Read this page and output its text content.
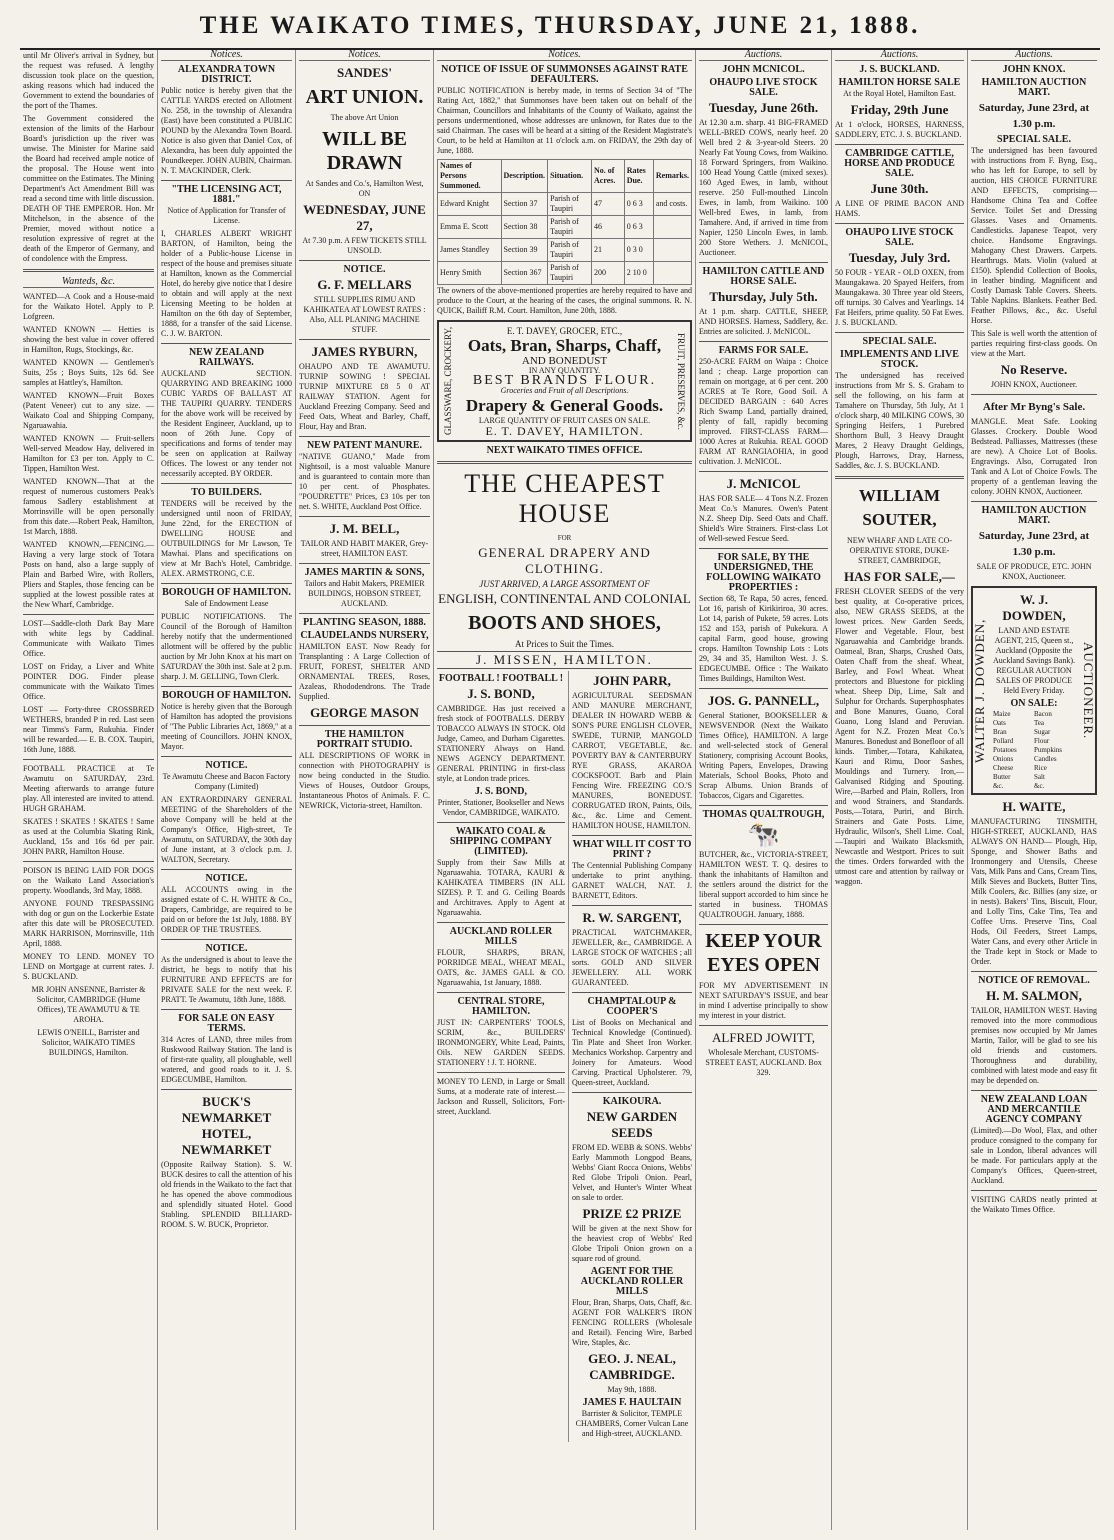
THE WAIKATO TIMES, THURSDAY, JUNE 21, 1888.

until Mr Oliver's arrival in Sydney, but the request was refused. A lengthy discussion took place on the question, asking reasons which had induced the Government to extend the boundaries of the port of the Thames.

The Government considered the extension of the limits of the Harbour Board's jurisdiction up the river was unwise. The Minister for Marine said the Board had received ample notice of the proposal. The House went into committee on the Estimates. The Mining Department's Act Amendment Bill was read a second time with little discussion. DEATH OF THE EMPEROR. Hon. Mr Mitchelson, in the absence of the Premier, moved without notice a resolution expressive of regret at the death of the Emperor of Germany, and of condolence with the Empress.

Wanteds, &c.

WANTED—A Cook and a House-maid for the Waikato Hotel. Apply to P. Lofgreen.

WANTED KNOWN — Hetties is showing the best value in cover offered in Hamilton, Rugs, Stockings, &c.

WANTED KNOWN — Gentlemen's Suits, 25s ; Boys Suits, 12s 6d. See samples at Hattley's, Hamilton.

WANTED KNOWN—Fruit Boxes (Patent Veneer) cut to any size. —Waikato Coal and Shipping Company, Ngaruawahia.

WANTED KNOWN — Fruit-sellers Well-served Meadow Hay, delivered in Hamilton for £3 per ton. Apply to C. Tippen, Hamilton West.

WANTED KNOWN—That at the request of numerous customers Peak's famous Sadlery establishment at Morrinsville will be open personally from this date.—Robert Peak, Hamilton, 1st March, 1888.

WANTED KNOWN,—FENCING.—Having a very large stock of Totara Posts on hand, also a large supply of Plain and Barbed Wire, with Rollers, Pliers and Staples, those fencing can be supplied at the lowest possible rates at the New Wharf, Cambridge.

LOST—Saddle-cloth Dark Bay Mare with white legs by Caddinal. Communicate with Waikato Times Office.

LOST on Friday, a Liver and White POINTER DOG. Finder please communicate with the Waikato Times Office.

LOST — Forty-three CROSSBRED WETHERS, branded P in red. Last seen near Timms's Farm, Rukuhia. Finder will be rewarded.— E. B. COX. Taupiri, 16th June, 1888.

FOOTBALL PRACTICE at Te Awamutu on SATURDAY, 23rd. Meeting afterwards to arrange future play. All interested are invited to attend. HUGH GRAHAM.

SKATES ! SKATES ! SKATES ! Same as used at the Columbia Skating Rink, Auckland, 15s and 16s 6d per pair. JOHN PARR, Hamilton House.

POISON IS BEING LAID FOR DOGS on the Waikato Land Association's property. Woodlands, 3rd May, 1888.

ANYONE FOUND TRESPASSING with dog or gun on the Lockerbie Estate after this date will be PROSECUTED. MARK HARRISON, Morrinsville, 11th April, 1888.

MONEY TO LEND. MONEY TO LEND on Mortgage at current rates. J. S. BUCKLAND.

MR JOHN ANSENNE, Barrister & Solicitor, CAMBRIDGE (Hume Offices), TE AWAMUTU & TE AROHA.

LEWIS O'NEILL, Barrister and Solicitor, WAIKATO TIMES BUILDINGS, Hamilton.

Notices.
ALEXANDRA TOWN DISTRICT.

Public notice is hereby given that the CATTLE YARDS erected on Allotment No. 258, in the township of Alexandra (East) have been constituted a PUBLIC POUND by the Alexandra Town Board. Notice is also given that Daniel Cox, of Alexandra, has been duly appointed the Poundkeeper. JOHN AUBIN, Chairman. N. T. MACKINDER, Clerk.

"THE LICENSING ACT, 1881."

Notice of Application for Transfer of License.

I, CHARLES ALBERT WRIGHT BARTON, of Hamilton, being the holder of a Public-house License in respect of the house and premises situate at Hamilton, known as the Commercial Hotel, do hereby give notice that I desire to obtain and will apply at the next Licensing Meeting to be holden at Hamilton on the 6th day of September, 1888, for a transfer of the said License. C. J. W. BARTON.

NEW ZEALAND RAILWAYS.

AUCKLAND SECTION. QUARRYING AND BREAKING 1000 CUBIC YARDS OF BALLAST AT THE TAUPIRI QUARRY. TENDERS for the above work will be received by the Resident Engineer, Auckland, up to noon of 26th June. Copy of specifications and forms of tender may be seen on application at Railway Offices. The lowest or any tender not necessarily accepted. BY ORDER.

TO BUILDERS.

TENDERS will be received by the undersigned until noon of FRIDAY, June 22nd, for the ERECTION of DWELLING HOUSE and OUTBUILDINGS for Mr Lawson, Te Mawhai. Plans and specifications on view at Mr Bach's Hotel, Cambridge. ALEX. ARMSTRONG, C.E.

BOROUGH OF HAMILTON.

Sale of Endowment Lease

PUBLIC NOTIFICATIONS. The Council of the Borough of Hamilton hereby notify that the undermentioned allotment will be offered by the public auction by Mr John Knox at his mart on SATURDAY the 30th inst. Sale at 2 p.m. sharp. J. M. GELLING, Town Clerk.

BOROUGH OF HAMILTON.

Notice is hereby given that the Borough of Hamilton has adopted the provisions of "The Public Libraries Act, 1869," at a meeting of Councillors. JOHN KNOX, Mayor.

NOTICE.

Te Awamutu Cheese and Bacon Factory Company (Limited)

AN EXTRAORDINARY GENERAL MEETING of the Shareholders of the above Company will be held at the Company's Office, High-street, Te Awamutu, on SATURDAY, the 30th day of June instant, at 3 o'clock p.m. J. WALTON, Secretary.

NOTICE.

ALL ACCOUNTS owing in the assigned estate of C. H. WHITE & Co., Drapers, Cambridge, are required to be paid on or before the 1st July, 1888. BY ORDER OF THE TRUSTEES.

NOTICE.

As the undersigned is about to leave the district, he begs to notify that his FURNITURE AND EFFECTS are for PRIVATE SALE for the next week. F. PRATT. Te Awamutu, 18th June, 1888.

FOR SALE ON EASY TERMS.

314 Acres of LAND, three miles from Ruskwood Railway Station. The land is of first-rate quality, all ploughable, well watered, and good roads to it. J. S. EDGECUMBE, Hamilton.

BUCK'S NEWMARKET HOTEL, NEWMARKET

(Opposite Railway Station). S. W. BUCK desires to call the attention of his old friends in the Waikato to the fact that he has opened the above commodious and splendidly situated Hotel. Good Stabling. SPLENDID BILLIARD-ROOM. S. W. BUCK, Proprietor.

Notices.
SANDES'
ART UNION.

The above Art Union

WILL BE DRAWN

At Sandes and Co.'s, Hamilton West, ON

WEDNESDAY, JUNE 27,

At 7.30 p.m. A FEW TICKETS STILL UNSOLD.

NOTICE.
G. F. MELLARS

STILL SUPPLIES RIMU AND KAHIKATEA AT LOWEST RATES : Also, ALL PLANING MACHINE STUFF.

JAMES RYBURN,

OHAUPO AND TE AWAMUTU. TURNIP SOWING ! SPECIAL TURNIP MIXTURE £8 5 0 AT RAILWAY STATION. Agent for Auckland Freezing Company. Seed and Feed Oats, Wheat and Barley, Chaff, Flour, Hay and Bran.

NEW PATENT MANURE.

"NATIVE GUANO," Made from Nightsoil, is a most valuable Manure and is guaranteed to contain more than 10 per cent. of Phosphates. "POUDRETTE" Prices, £3 10s per ton net. S. WHITE, Auckland Post Office.

J. M. BELL,

TAILOR AND HABIT MAKER, Grey-street, HAMILTON EAST.

JAMES MARTIN & SONS,

Tailors and Habit Makers, PREMIER BUILDINGS, HOBSON STREET, AUCKLAND.

PLANTING SEASON, 1888.
CLAUDELANDS NURSERY,

HAMILTON EAST. Now Ready for Transplanting : A Large Collection of FRUIT, FOREST, SHELTER AND ORNAMENTAL TREES, Roses, Azaleas, Rhododendrons. The Trade Supplied.

GEORGE MASON
THE HAMILTON PORTRAIT STUDIO.

ALL DESCRIPTIONS OF WORK in connection with PHOTOGRAPHY is now being conducted in the Studio. Views of Houses, Outdoor Groups, Instantaneous Photos of Animals. F. C. NEWRICK, Victoria-street, Hamilton.

Notices.
NOTICE OF ISSUE OF SUMMONSES AGAINST RATE DEFAULTERS.

PUBLIC NOTIFICATION is hereby made, in terms of Section 34 of "The Rating Act, 1882," that Summonses have been taken out on behalf of the Chairman, Councillors and Inhabitants of the County of Waikato, against the persons undermentioned, whose addresses are unknown, for Rates due to the said Chairman. The cases will be heard at a sitting of the Resident Magistrate's Court, to be held at Hamilton at 11 o'clock a.m. on FRIDAY, the 29th day of June, 1888.

Names of Persons Summoned.	Description.	Situation.	No. of Acres.	Rates Due.	Remarks.
Edward Knight	Section 37	Parish of Taupiri	47	0 6 3	and costs.
Emma E. Scott	Section 38	Parish of Taupiri	46	0 6 3	
James Standley	Section 39	Parish of Taupiri	21	0 3 0	
Henry Smith	Section 367	Parish of Taupiri	200	2 10 0	

The owners of the above-mentioned properties are hereby required to have and produce to the Court, at the hearing of the cases, the original summons. R. N. QUICK, Bailiff R.M. Court. Hamilton, June 20th, 1888.

GLASSWARE, CROCKERY,	E. T. DAVEY, GROCER, ETC.,
Oats, Bran, Sharps, Chaff,
AND BONEDUST
IN ANY QUANTITY.
BEST BRANDS FLOUR.
Groceries and Fruit of all Descriptions.
Drapery & General Goods.
LARGE QUANTITY OF FRUIT CASES ON SALE.
E. T. DAVEY, HAMILTON.
FRUIT, PRESERVES, &c.
NEXT WAIKATO TIMES OFFICE.
THE CHEAPEST HOUSE
FOR
GENERAL DRAPERY AND CLOTHING.
JUST ARRIVED, A LARGE ASSORTMENT OF
ENGLISH, CONTINENTAL AND COLONIAL
BOOTS AND SHOES,
At Prices to Suit the Times.
J. MISSEN, HAMILTON.
FOOTBALL ! FOOTBALL !
J. S. BOND,

CAMBRIDGE. Has just received a fresh stock of FOOTBALLS. DERBY TOBACCO ALWAYS IN STOCK. Old Judge, Cameo, and Durham Cigarettes. STATIONERY Always on Hand. NEWS AGENCY DEPARTMENT. GENERAL PRINTING in first-class style, at London trade prices.

J. S. BOND,

Printer, Stationer, Bookseller and News Vendor, CAMBRIDGE, WAIKATO.

WAIKATO COAL & SHIPPING COMPANY (LIMITED).

Supply from their Saw Mills at Ngaruawahia. TOTARA, KAURI & KAHIKATEA TIMBERS (IN ALL SIZES). P. T. and G. Ceiling Boards and Architraves. Apply to Agent at Ngaruawahia.

AUCKLAND ROLLER MILLS

FLOUR, SHARPS, BRAN, PORRIDGE MEAL, WHEAT MEAL, OATS, &c. JAMES GALL & CO. Ngaruawahia, 1st January, 1888.

CENTRAL STORE, HAMILTON.

JUST IN: CARPENTERS' TOOLS, SCRIM, &c., BUILDERS' IRONMONGERY, White Lead, Paints, Oils. NEW GARDEN SEEDS. STATIONERY ! J. T. HORNE.

MONEY TO LEND, in Large or Small Sums, at a moderate rate of interest.—Jackson and Russell, Solicitors, Fort-street, Auckland.

JOHN PARR,

AGRICULTURAL SEEDSMAN AND MANURE MERCHANT, DEALER IN HOWARD WEBB & SON'S PURE ENGLISH CLOVER, SWEDE, TURNIP, MANGOLD CARROT, VEGETABLE, &c. POVERTY BAY & CANTERBURY RYE GRASS, AKAROA COCKSFOOT. Barb and Plain Fencing Wire. FREEZING CO.'S MANURES, BONEDUST. CORRUGATED IRON, Paints, Oils, &c., &c. Lime and Cement. HAMILTON HOUSE, HAMILTON.

WHAT WILL IT COST TO PRINT ?

The Centennial Publishing Company undertake to print anything. GARNET WALCH, NAT. J. BARNETT, Editors.

R. W. SARGENT,

PRACTICAL WATCHMAKER, JEWELLER, &c., CAMBRIDGE. A LARGE STOCK OF WATCHES ; all sorts. GOLD AND SILVER JEWELLERY. ALL WORK GUARANTEED.

CHAMPTALOUP & COOPER'S

List of Books on Mechanical and Technical Knowledge (Continued). Tin Plate and Sheet Iron Worker. Mechanics Workshop. Carpentry and Joinery for Amateurs. Wood Carving. Practical Upholsterer. 79, Queen-street, Auckland.

KAIKOURA.
NEW GARDEN SEEDS

FROM ED. WEBB & SONS. Webbs' Early Mammoth Longpod Beans, Webbs' Giant Rocca Onions, Webbs' Red Globe Tripoli Onion. Pearl, Velvet, and Hunter's Winter Wheat on sale to order.

PRIZE £2 PRIZE

Will be given at the next Show for the heaviest crop of Webbs' Red Globe Tripoli Onion grown on a square rod of ground.

AGENT FOR THE AUCKLAND ROLLER MILLS

Flour, Bran, Sharps, Oats, Chaff, &c. AGENT FOR WALKER'S IRON FENCING ROLLERS (Wholesale and Retail). Fencing Wire, Barbed Wire, Staples, &c.

GEO. J. NEAL, CAMBRIDGE.

May 9th, 1888.

JAMES F. HAULTAIN

Barrister & Solicitor, TEMPLE CHAMBERS, Corner Vulcan Lane and High-street, AUCKLAND.

Auctions.
JOHN MCNICOL.
OHAUPO LIVE STOCK SALE.
Tuesday, June 26th.

At 12.30 a.m. sharp. 41 BIG-FRAMED WELL-BRED COWS, nearly heef. 20 Well bred 2 & 3-year-old Steers. 20 Nearly Fat Young Cows, from Waikino. 18 Forward Springers, from Waikino. 100 Head Young Cattle (mixed sexes). 160 Aged Ewes, in lamb, without reserve. 250 Full-mouthed Lincoln Ewes, in lamb, from Waikino. 100 Well-bred Ewes, in lamb, from Tamahere. And, if arrived in time from Napier, 1250 Lincoln Ewes, in lamb. 200 Store Wethers. J. McNICOL, Auctioneer.

HAMILTON CATTLE AND HORSE SALE.
Thursday, July 5th.

At 1 p.m. sharp. CATTLE, SHEEP, AND HORSES. Harness, Saddlery, &c. Entries are solicited. J. McNICOL.

FARMS FOR SALE.

250-ACRE FARM on Waipa : Choice land ; cheap. Large proportion can remain on mortgage, at 6 per cent. 200 ACRES at Te Rore, Good Soil. A DECIDED BARGAIN : 640 Acres Rich Swamp Land, partially drained, plenty of fall, rapidly becoming improved. FIRST-CLASS FARM—1000 Acres at Rukuhia. REAL GOOD FARM AT RANGIAOHIA, in good cultivation. J. McNICOL.

J. McNICOL

HAS FOR SALE— 4 Tons N.Z. Frozen Meat Co.'s Manures. Owen's Patent N.Z. Sheep Dip. Seed Oats and Chaff. Shield's Wire Strainers. First-class Lot of Well-sewed Fescue Seed.

FOR SALE, BY THE UNDERSIGNED, THE FOLLOWING WAIKATO PROPERTIES :

Section 68, Te Rapa, 50 acres, fenced. Lot 16, parish of Kirikiriroa, 30 acres. Lot 14, parish of Pukete, 59 acres. Lots 152 and 153, parish of Pukekura. A capital Farm, good house, growing crops. Hamilton Township Lots : Lots 29, 34 and 35, Hamilton West. J. S. EDGECUMBE. Office : The Waikato Times Buildings, Hamilton West.

JOS. G. PANNELL,

General Stationer, BOOKSELLER & NEWSVENDOR (Next the Waikato Times Office), HAMILTON. A large and well-selected stock of General Stationery, comprising Account Books, Writing Papers, Envelopes, Drawing Materials, School Books, Photo and Scrap Albums. Union Brands of Tobaccos, Cigars and Cigarettes.

THOMAS QUALTROUGH,
🐄

BUTCHER, &c., VICTORIA-STREET, HAMILTON WEST. T. Q. desires to thank the inhabitants of Hamilton and the settlers around the district for the liberal support accorded to him since he started in business. THOMAS QUALTROUGH. January, 1888.

KEEP YOUR EYES OPEN

FOR MY ADVERTISEMENT IN NEXT SATURDAY'S ISSUE, and bear in mind I advertise principally to show my interest in your district.

ALFRED JOWITT,

Wholesale Merchant, CUSTOMS-STREET EAST, AUCKLAND. Box 329.

Auctions.
J. S. BUCKLAND.
HAMILTON HORSE SALE

At the Royal Hotel, Hamilton East.

Friday, 29th June

At 1 o'clock, HORSES, HARNESS, SADDLERY, ETC. J. S. BUCKLAND.

CAMBRIDGE CATTLE, HORSE AND PRODUCE SALE.
June 30th.

A LINE OF PRIME BACON AND HAMS.

OHAUPO LIVE STOCK SALE.
Tuesday, July 3rd.

50 FOUR - YEAR - OLD OXEN, from Maungakawa. 20 Spayed Heifers, from Maungakawa. 30 Three year old Steers, off turnips. 30 Calves and Yearlings. 14 Fat Heifers, prime quality. 50 Fat Ewes. J. S. BUCKLAND.

SPECIAL SALE.
IMPLEMENTS AND LIVE STOCK.

The undersigned has received instructions from Mr S. S. Graham to sell the following, on his farm at Tamahere on Thursday, 5th July, At 1 o'clock sharp, 40 MILKING COWS, 30 Springing Heifers, 1 Purebred Shorthorn Bull, 3 Heavy Draught Mares, 2 Heavy Draught Geldings, Plough, Harrows, Dray, Harness, Saddles, &c. J. S. BUCKLAND.

WILLIAM SOUTER,

NEW WHARF AND LATE CO-OPERATIVE STORE, DUKE-STREET, CAMBRIDGE,

HAS FOR SALE,—

FRESH CLOVER SEEDS of the very best quality, at Co-operative prices, also, NEW GRASS SEEDS, at the lowest prices. New Garden Seeds, Flower and Vegetable. Flour, best Ngaruawahia and Cambridge brands. Oatmeal, Bran, Sharps, Crushed Oats, Oaten Chaff from the sheaf. Wheat, Barley, and Fowl Wheat. Wheat protectors and Bluestone for pickling wheat. Sheep Dip, Lime, Salt and Sulphur for Orchards. Superphosphates and Bone Manures, Guano, Coral Guano, Long Island and Peruvian. Agent for N.Z. Frozen Meat Co.'s Manures. Bonedust and Bonefloor of all kinds. Timber,—Totara, Kahikatea, Kauri and Rimu, Door Sashes, Mouldings and Turnery. Iron,—Galvanised Ridging and Spouting. Wire,—Barbed and Plain, Rollers, Iron and wood Strainers, and Standards. Posts,—Totara, Puriri, and Birch. Strainers and Gate Posts. Lime, Hydraulic, Wilson's, Shell Lime. Coal,—Taupiri and Waikato Blacksmith, Newcastle and Westport. Prices to suit the times. Orders forwarded with the utmost care and attention by railway or waggon.

Auctions.
JOHN KNOX.
HAMILTON AUCTION MART.
Saturday, June 23rd, at 1.30 p.m.
SPECIAL SALE.

The undersigned has been favoured with instructions from F. Byng, Esq., who has left for Europe, to sell by auction, HIS CHOICE FURNITURE AND EFFECTS, comprising— Handsome China Tea and Coffee Service. Toilet Set and Dressing Glasses. Vases and Ornaments. Candlesticks. Japanese Teapot, very choice. Handsome Engravings. Mahogany Chest Drawers. Carpets. Hearthrugs. Mats. Violin (valued at £150). Splendid Collection of Books, in leather binding. Magnificent and Costly Damask Table Covers. Sheets. Table Napkins. Blankets. Feather Bed. Feather Pillows, &c., &c. Useful Horse.

This Sale is well worth the attention of parties requiring first-class goods. On view at the Mart.

No Reserve.

JOHN KNOX, Auctioneer.

After Mr Byng's Sale.

MANGLE. Meat Safe. Looking Glasses. Crockery. Double Wood Bedstead. Palliasses, Mattresses (these are new). A Choice Lot of Books. Engravings. Also, Corrugated Iron Tank and A Lot of Choice Fowls. The property of a gentleman leaving the colony. JOHN KNOX, Auctioneer.

HAMILTON AUCTION MART.
Saturday, June 23rd, at 1.30 p.m.

SALE OF PRODUCE, ETC. JOHN KNOX, Auctioneer.

WALTER J. DOWDEN,
W. J. DOWDEN,

LAND AND ESTATE AGENT, 215, Queen st., Auckland (Opposite the Auckland Savings Bank). REGULAR AUCTION SALES OF PRODUCE Held Every Friday.

ON SALE:
Maize	Bacon
Oats	Tea
Bran	Sugar
Pollard	Flour
Potatoes	Pumpkins
Onions	Candles
Cheese	Rice
Butter	Salt
&c.	&c.
AUCTIONEER.
H. WAITE,

MANUFACTURING TINSMITH, HIGH-STREET, AUCKLAND, HAS ALWAYS ON HAND— Plough, Hip, Sponge, and Shower Baths and Ironmongery and Utensils, Cheese Vats, Milk Pans and Cans, Cream Tins, Milk Sieves and Buckets, Butter Tins, Milk Coolers, &c. Billies (any size, or in nests). Bakers' Tins, Biscuit, Flour, and Lolly Tins, Cake Tins, Tea and Coffee Urns. Preserve Tins, Coal Hods, Oil Feeders, Street Lamps, Water Cans, and every other Article in the Trade kept in Stock or Made to Order.

NOTICE OF REMOVAL.
H. M. SALMON,

TAILOR, HAMILTON WEST. Having removed into the more commodious premises now occupied by Mr James Martin, Tailor, will be glad to see his old friends and customers. Thoroughness and durability, combined with latest mode and easy fit may be depended on.

NEW ZEALAND LOAN AND MERCANTILE AGENCY COMPANY

(Limited).—Do Wool, Flax, and other produce consigned to the company for sale in London, liberal advances will be made. For particulars apply at the Company's Offices, Queen-street, Auckland.

VISITING CARDS neatly printed at the Waikato Times Office.
